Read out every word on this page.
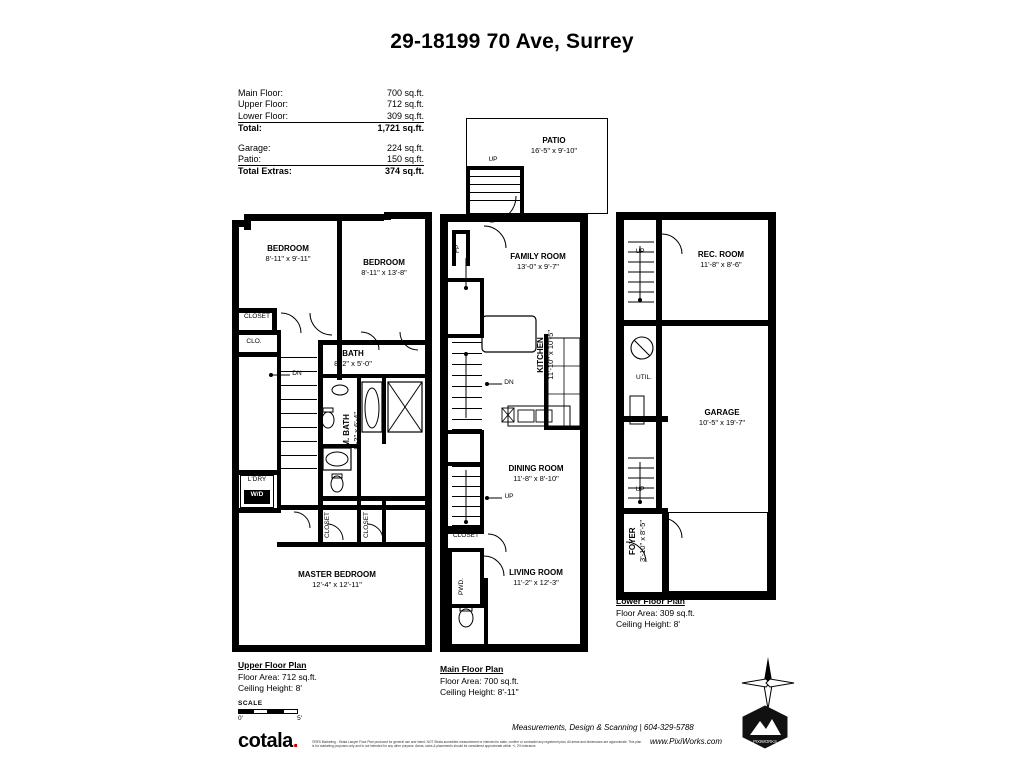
29-18199 70 Ave, Surrey
Main Floor:	700 sq.ft.
Upper Floor:	712 sq.ft.
Lower Floor:	309 sq.ft.
Total:	1,721 sq.ft.

Garage:	224 sq.ft.
Patio:	150 sq.ft.
Total Extras:	374 sq.ft.
BEDROOM
8'-11" x 9'-11"	BEDROOM
8'-11" x 13'-8"
BATH
8'-2" x 5'-0"
M. BATH 8'-2" x 6'-4"
MASTER BEDROOM
12'-4" x 12'-11"
CLOSET
CLO.
CLOSET	CLOSET
L'DRY
W/D
DN
Upper Floor Plan
Floor Area: 712 sq.ft.
Ceiling Height: 8'
PATIO
16'-5" x 9'-10"
FAMILY ROOM
13'-0" x 9'-7"
KITCHEN 11'-10" x 10'-5"
DINING ROOM
11'-8" x 8'-10"
LIVING ROOM
11'-2" x 12'-3"
UP
FP
DN
UP
CLOSET
PWD.
Main Floor Plan
Floor Area: 700 sq.ft.
Ceiling Height: 8'-11"
REC. ROOM
11'-8" x 8'-6"
GARAGE
10'-5" x 19'-7"
FOYER 3'-10" x 8'-5"
UP
UTIL.
UP
Lower Floor Plan
Floor Area: 309 sq.ft.
Ceiling Height: 8'
SCALE
0'	5'
cotala.	©RES Marketing - Strata Lawyer Floor Plan produced for general use and intent. NOT Strata accredited measurement or intended to state, confirm or contradict any registered plan. All areas and dimensions are approximate. This plan is for marketing purposes only and is not intended for any other purpose. Areas, sizes & placements should be considered approximate within +/- 2% tolerance.
Measurements, Design & Scanning | 604-329-5788
www.PixiWorks.com	PIXIWORKS
